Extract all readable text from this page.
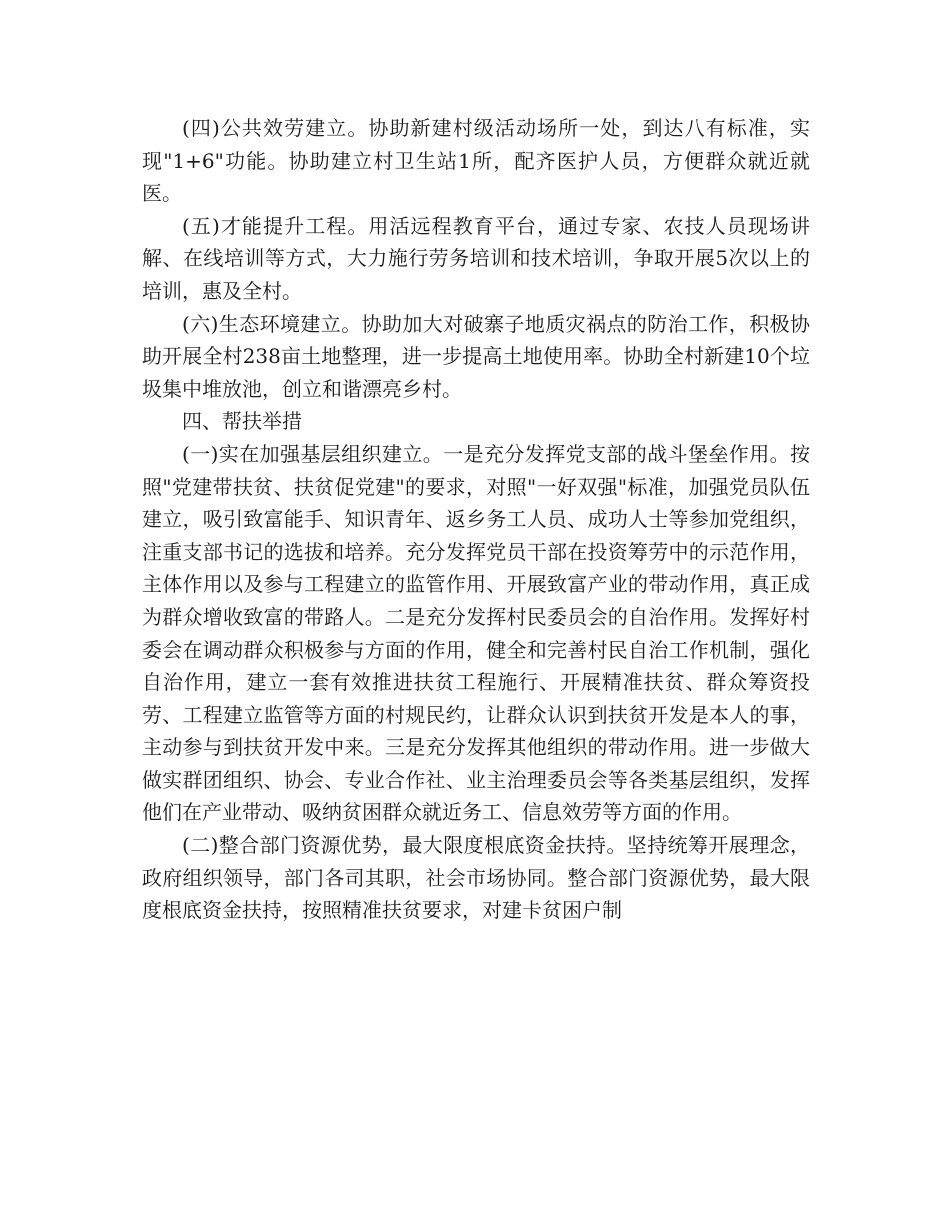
(四)公共效劳建立。协助新建村级活动场所一处，到达八有标准，实现"1+6"功能。协助建立村卫生站1所，配齐医护人员，方便群众就近就医。

(五)才能提升工程。用活远程教育平台，通过专家、农技人员现场讲解、在线培训等方式，大力施行劳务培训和技术培训，争取开展5次以上的培训，惠及全村。

(六)生态环境建立。协助加大对破寨子地质灾祸点的防治工作，积极协助开展全村238亩土地整理，进一步提高土地使用率。协助全村新建10个垃圾集中堆放池，创立和谐漂亮乡村。

四、帮扶举措

(一)实在加强基层组织建立。一是充分发挥党支部的战斗堡垒作用。按照"党建带扶贫、扶贫促党建"的要求，对照"一好双强"标准，加强党员队伍建立，吸引致富能手、知识青年、返乡务工人员、成功人士等参加党组织，注重支部书记的选拔和培养。充分发挥党员干部在投资筹劳中的示范作用，主体作用以及参与工程建立的监管作用、开展致富产业的带动作用，真正成为群众增收致富的带路人。二是充分发挥村民委员会的自治作用。发挥好村委会在调动群众积极参与方面的作用，健全和完善村民自治工作机制，强化自治作用，建立一套有效推进扶贫工程施行、开展精准扶贫、群众筹资投劳、工程建立监管等方面的村规民约，让群众认识到扶贫开发是本人的事，主动参与到扶贫开发中来。三是充分发挥其他组织的带动作用。进一步做大做实群团组织、协会、专业合作社、业主治理委员会等各类基层组织，发挥他们在产业带动、吸纳贫困群众就近务工、信息效劳等方面的作用。

(二)整合部门资源优势，最大限度根底资金扶持。坚持统筹开展理念，政府组织领导，部门各司其职，社会市场协同。整合部门资源优势，最大限度根底资金扶持，按照精准扶贫要求，对建卡贫困户制
